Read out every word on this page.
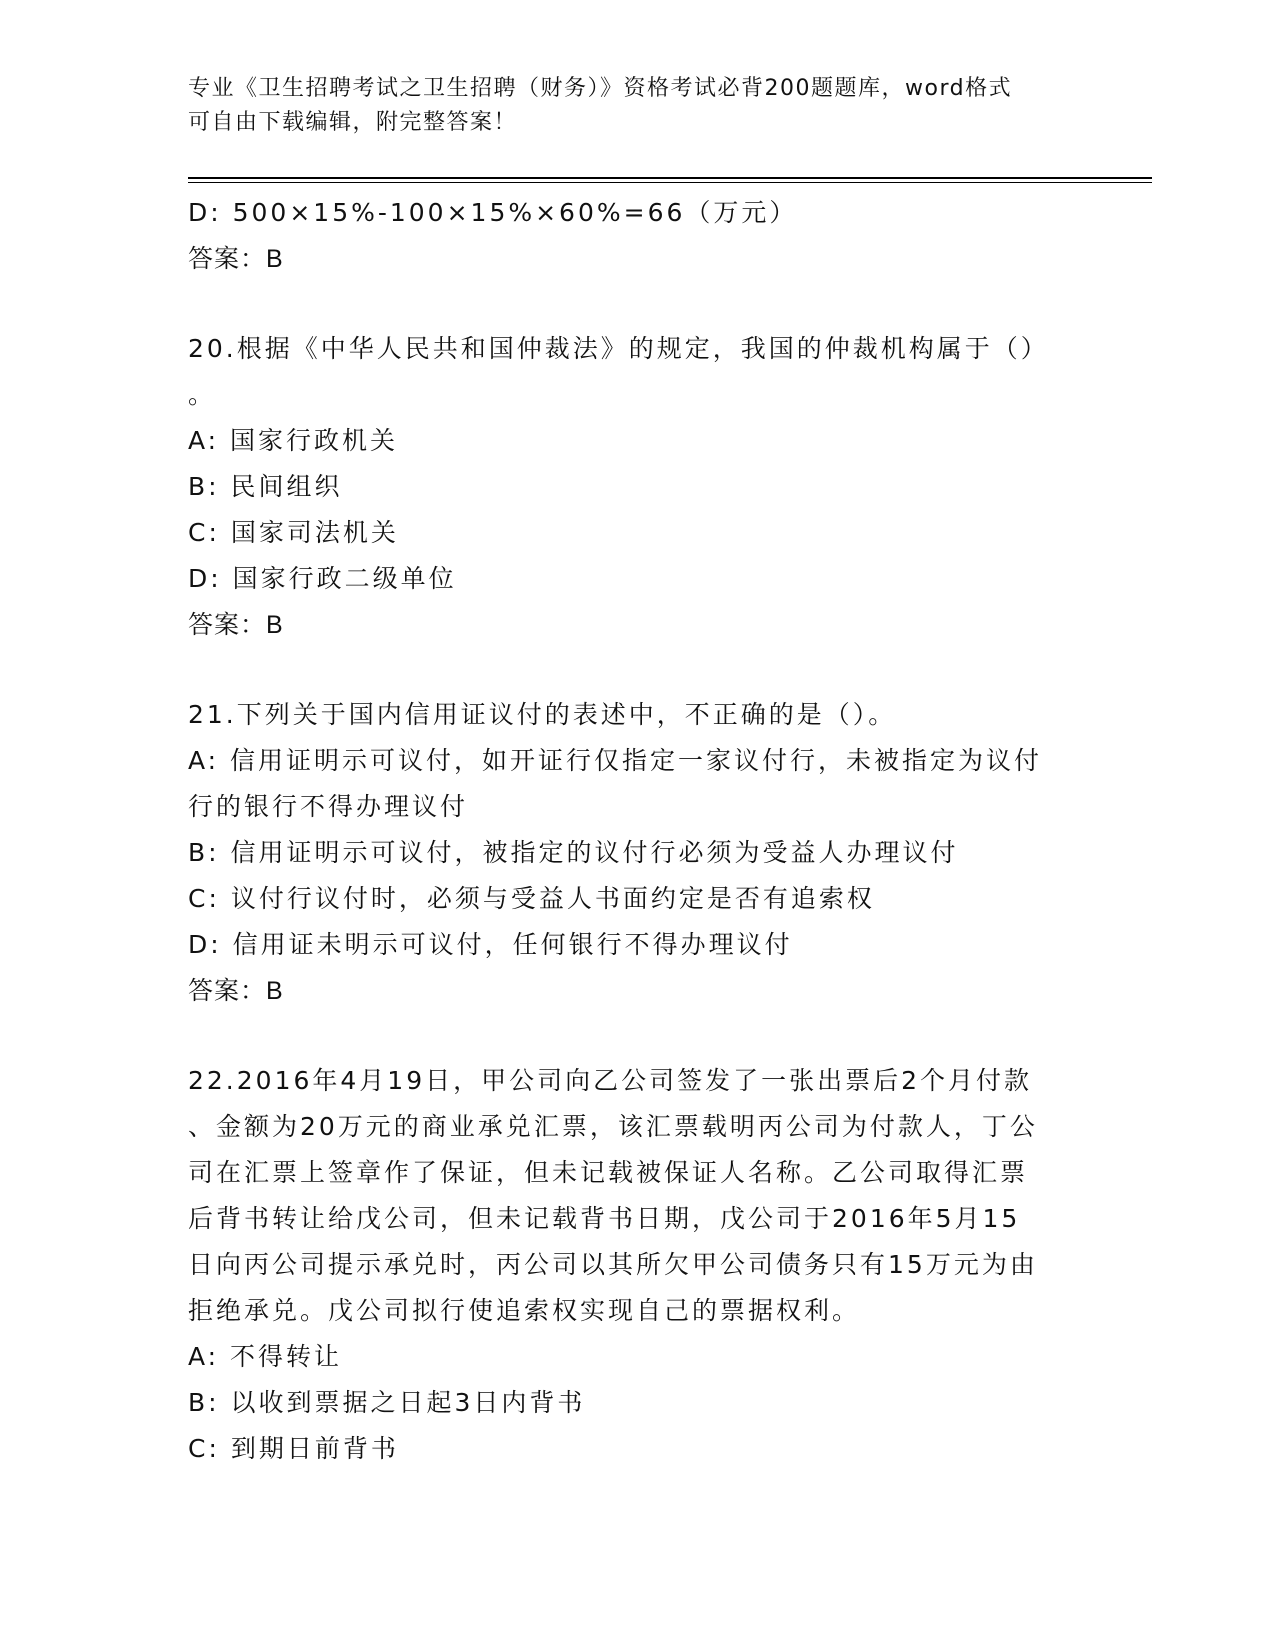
专业《卫生招聘考试之卫生招聘（财务）》资格考试必背200题题库，word格式

可自由下载编辑，附完整答案！

D: 500×15%-100×15%×60%=66（万元）

答案：B

20.根据《中华人民共和国仲裁法》的规定，我国的仲裁机构属于（）

。

A: 国家行政机关

B: 民间组织

C: 国家司法机关

D: 国家行政二级单位

答案：B

21.下列关于国内信用证议付的表述中，不正确的是（）。

A: 信用证明示可议付，如开证行仅指定一家议付行，未被指定为议付

行的银行不得办理议付

B: 信用证明示可议付，被指定的议付行必须为受益人办理议付

C: 议付行议付时，必须与受益人书面约定是否有追索权

D: 信用证未明示可议付，任何银行不得办理议付

答案：B

22.2016年4月19日，甲公司向乙公司签发了一张出票后2个月付款

、金额为20万元的商业承兑汇票，该汇票载明丙公司为付款人，丁公

司在汇票上签章作了保证，但未记载被保证人名称。乙公司取得汇票

后背书转让给戊公司，但未记载背书日期，戊公司于2016年5月15

日向丙公司提示承兑时，丙公司以其所欠甲公司债务只有15万元为由

拒绝承兑。戊公司拟行使追索权实现自己的票据权利。

A: 不得转让

B: 以收到票据之日起3日内背书

C: 到期日前背书
